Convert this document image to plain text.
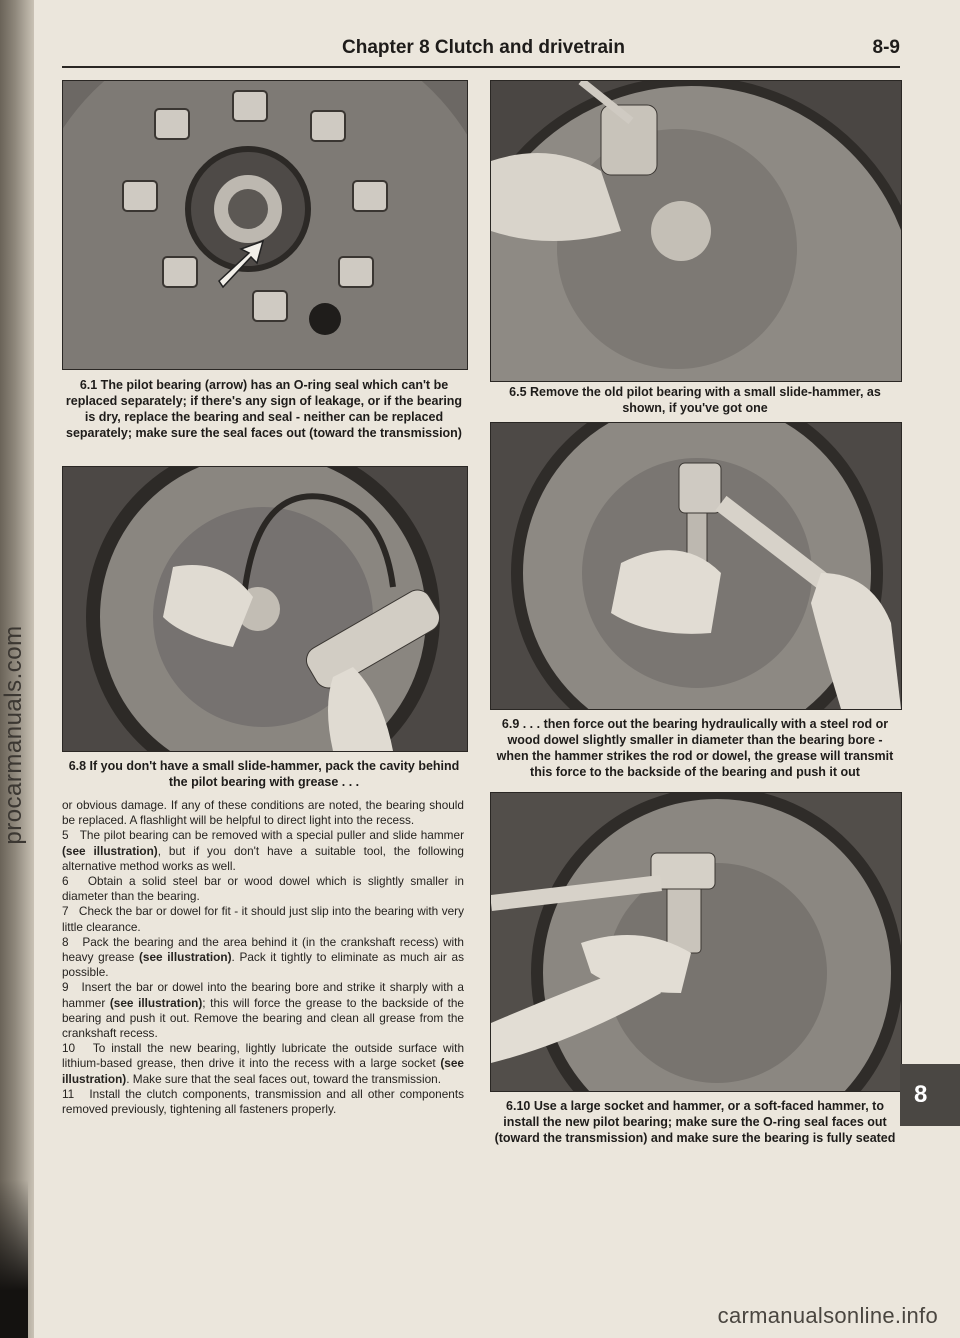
procarmanuals.com
Chapter 8 Clutch and drivetrain	8-9
6.1 The pilot bearing (arrow) has an O-ring seal which can't be replaced separately; if there's any sign of leakage, or if the bearing is dry, replace the bearing and seal - neither can be replaced separately; make sure the seal faces out (toward the transmission)
6.5 Remove the old pilot bearing with a small slide-hammer, as shown, if you've got one
6.8 If you don't have a small slide-hammer, pack the cavity behind the pilot bearing with grease . . .
6.9 . . . then force out the bearing hydraulically with a steel rod or wood dowel slightly smaller in diameter than the bearing bore - when the hammer strikes the rod or dowel, the grease will transmit this force to the backside of the bearing and push it out
6.10 Use a large socket and hammer, or a soft-faced hammer, to install the new pilot bearing; make sure the O-ring seal faces out (toward the transmission) and make sure the bearing is fully seated

or obvious damage. If any of these conditions are noted, the bearing should be replaced. A flashlight will be helpful to direct light into the recess.

5 The pilot bearing can be removed with a special puller and slide hammer (see illustration), but if you don't have a suitable tool, the following alternative method works as well.

6 Obtain a solid steel bar or wood dowel which is slightly smaller in diameter than the bearing.

7 Check the bar or dowel for fit - it should just slip into the bearing with very little clearance.

8 Pack the bearing and the area behind it (in the crankshaft recess) with heavy grease (see illustration). Pack it tightly to eliminate as much air as possible.

9 Insert the bar or dowel into the bearing bore and strike it sharply with a hammer (see illustration); this will force the grease to the backside of the bearing and push it out. Remove the bearing and clean all grease from the crankshaft recess.

10 To install the new bearing, lightly lubricate the outside surface with lithium-based grease, then drive it into the recess with a large socket (see illustration). Make sure that the seal faces out, toward the transmission.

11 Install the clutch components, transmission and all other components removed previously, tightening all fasteners properly.

8
carmanualsonline.info
